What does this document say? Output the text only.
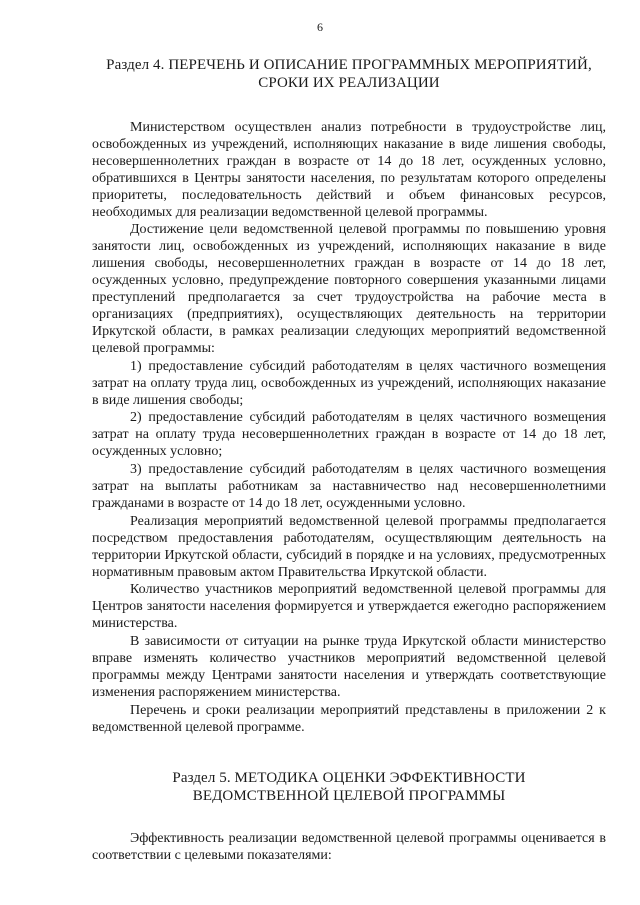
6
Раздел 4. ПЕРЕЧЕНЬ И ОПИСАНИЕ ПРОГРАММНЫХ МЕРОПРИЯТИЙ,
СРОКИ ИХ РЕАЛИЗАЦИИ

Министерством осуществлен анализ потребности в трудоустройстве лиц, освобожденных из учреждений, исполняющих наказание в виде лишения свободы, несовершеннолетних граждан в возрасте от 14 до 18 лет, осужденных условно, обратившихся в Центры занятости населения, по результатам которого определены приоритеты, последовательность действий и объем финансовых ресурсов, необходимых для реализации ведомственной целевой программы.

Достижение цели ведомственной целевой программы по повышению уровня занятости лиц, освобожденных из учреждений, исполняющих наказание в виде лишения свободы, несовершеннолетних граждан в возрасте от 14 до 18 лет, осужденных условно, предупреждение повторного совершения указанными лицами преступлений предполагается за счет трудоустройства на рабочие места в организациях (предприятиях), осуществляющих деятельность на территории Иркутской области, в рамках реализации следующих мероприятий ведомственной целевой программы:

1) предоставление субсидий работодателям в целях частичного возмещения затрат на оплату труда лиц, освобожденных из учреждений, исполняющих наказание в виде лишения свободы;

2) предоставление субсидий работодателям в целях частичного возмещения затрат на оплату труда несовершеннолетних граждан в возрасте от 14 до 18 лет, осужденных условно;

3) предоставление субсидий работодателям в целях частичного возмещения затрат на выплаты работникам за наставничество над несовершеннолетними гражданами в возрасте от 14 до 18 лет, осужденными условно.

Реализация мероприятий ведомственной целевой программы предполагается посредством предоставления работодателям, осуществляющим деятельность на территории Иркутской области, субсидий в порядке и на условиях, предусмотренных нормативным правовым актом Правительства Иркутской области.

Количество участников мероприятий ведомственной целевой программы для Центров занятости населения формируется и утверждается ежегодно распоряжением министерства.

В зависимости от ситуации на рынке труда Иркутской области министерство вправе изменять количество участников мероприятий ведомственной целевой программы между Центрами занятости населения и утверждать соответствующие изменения распоряжением министерства.

Перечень и сроки реализации мероприятий представлены в приложении 2 к ведомственной целевой программе.

Раздел 5. МЕТОДИКА ОЦЕНКИ ЭФФЕКТИВНОСТИ
ВЕДОМСТВЕННОЙ ЦЕЛЕВОЙ ПРОГРАММЫ

Эффективность реализации ведомственной целевой программы оценивается в соответствии с целевыми показателями:
